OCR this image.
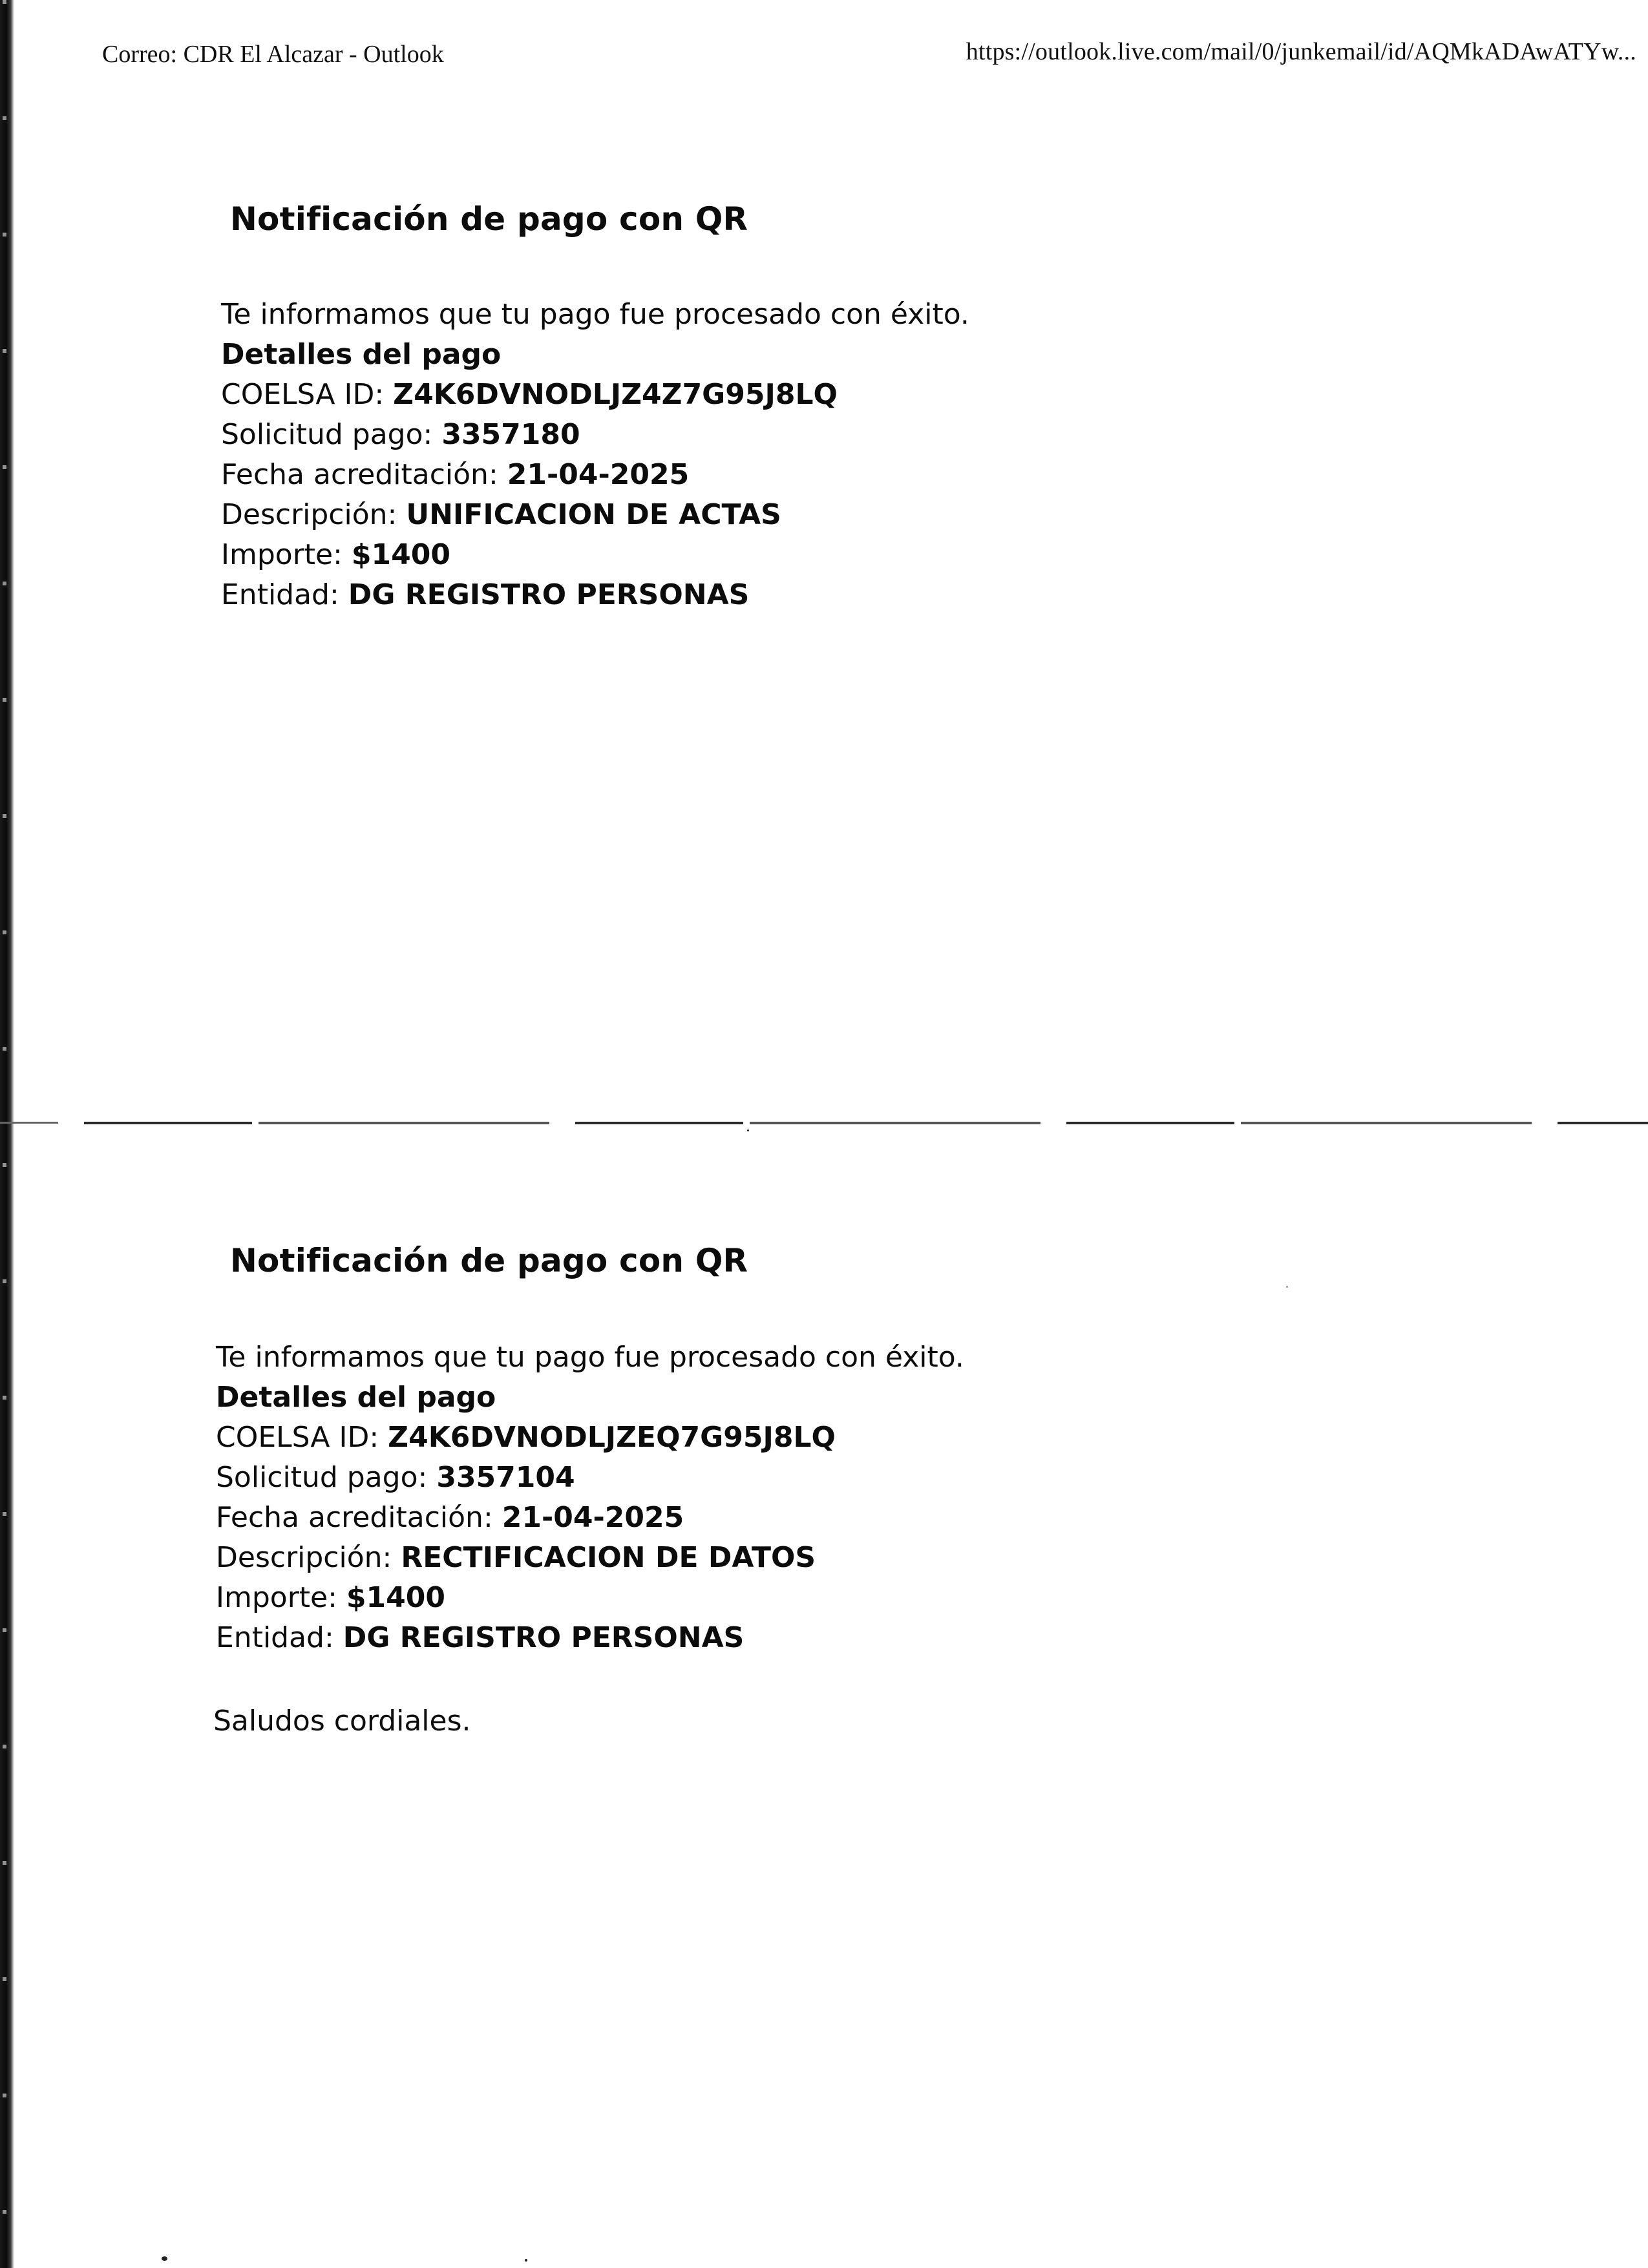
Correo: CDR El Alcazar - Outlook	https://outlook.live.com/mail/0/junkemail/id/AQMkADAwATYw...
Notificación de pago con QR
Te informamos que tu pago fue procesado con éxito.
Detalles del pago
COELSA ID: Z4K6DVNODLJZ4Z7G95J8LQ
Solicitud pago: 3357180
Fecha acreditación: 21-04-2025
Descripción: UNIFICACION DE ACTAS
Importe: $1400
Entidad: DG REGISTRO PERSONAS
Notificación de pago con QR
Te informamos que tu pago fue procesado con éxito.
Detalles del pago
COELSA ID: Z4K6DVNODLJZEQ7G95J8LQ
Solicitud pago: 3357104
Fecha acreditación: 21-04-2025
Descripción: RECTIFICACION DE DATOS
Importe: $1400
Entidad: DG REGISTRO PERSONAS
Saludos cordiales.
